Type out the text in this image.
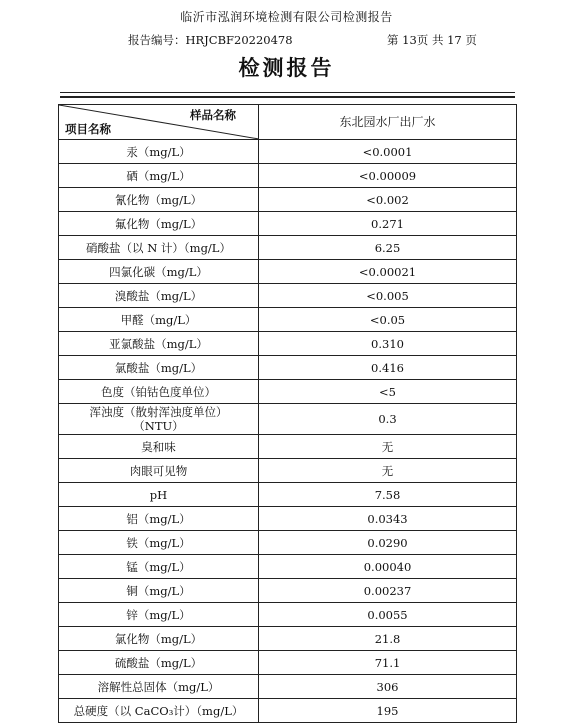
临沂市泓润环境检测有限公司检测报告
报告编号：HRJCBF20220478	第 13页 共 17 页
检测报告
样品名称
项目名称	东北园水厂出厂水

汞（mg/L）	<0.0001

硒（mg/L）	<0.00009

氰化物（mg/L）	<0.002

氟化物（mg/L）	0.271

硝酸盐（以 N 计）（mg/L）	6.25

四氯化碳（mg/L）	<0.00021

溴酸盐（mg/L）	<0.005

甲醛（mg/L）	<0.05

亚氯酸盐（mg/L）	0.310

氯酸盐（mg/L）	0.416

色度（铂钴色度单位）	<5

浑浊度（散射浑浊度单位）
（NTU）	0.3

臭和味	无

肉眼可见物	无

pH	7.58

铝（mg/L）	0.0343

铁（mg/L）	0.0290

锰（mg/L）	0.00040

铜（mg/L）	0.00237

锌（mg/L）	0.0055

氯化物（mg/L）	21.8

硫酸盐（mg/L）	71.1

溶解性总固体（mg/L）	306

总硬度（以 CaCO₃计）（mg/L）	195
